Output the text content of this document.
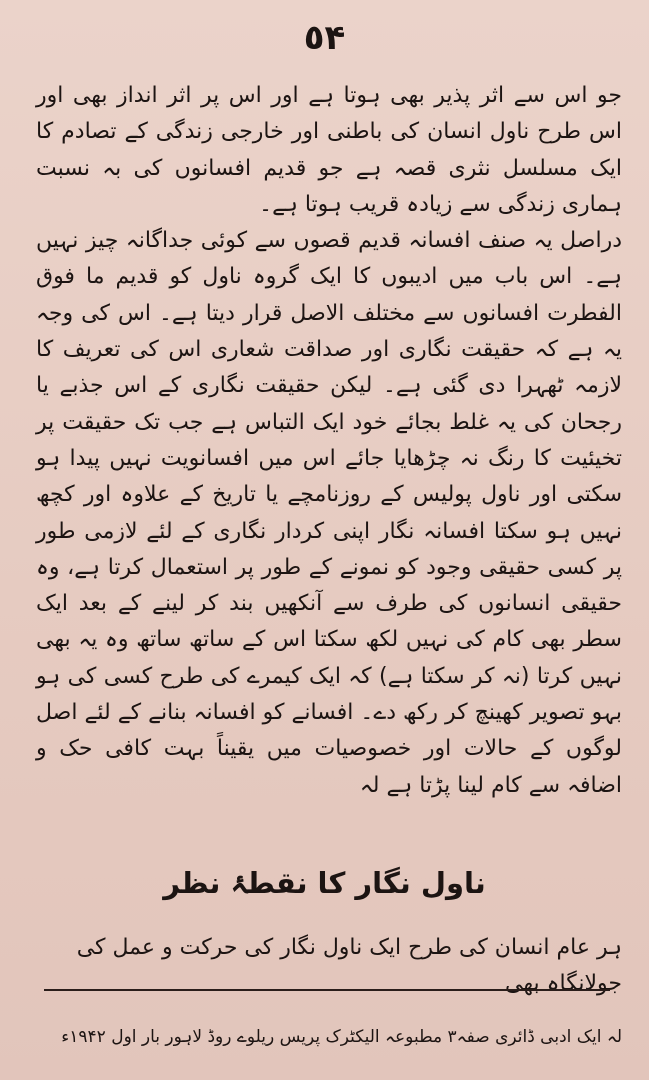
٥۴

جو اس سے اثر پذیر بھی ہوتا ہے اور اس پر اثر انداز بھی اور اس طرح ناول انسان کی باطنی اور خارجی زندگی کے تصادم کا ایک مسلسل نثری قصہ ہے جو قدیم افسانوں کی بہ نسبت ہماری زندگی سے زیادہ قریب ہوتا ہے۔

دراصل یہ صنف افسانہ قدیم قصوں سے کوئی جداگانہ چیز نہیں ہے۔ اس باب میں ادیبوں کا ایک گروہ ناول کو قدیم ما فوق الفطرت افسانوں سے مختلف الاصل قرار دیتا ہے۔ اس کی وجہ یہ ہے کہ حقیقت نگاری اور صداقت شعاری اس کی تعریف کا لازمہ ٹھہرا دی گئی ہے۔ لیکن حقیقت نگاری کے اس جذبے یا رجحان کی یہ غلط بجائے خود ایک التباس ہے جب تک حقیقت پر تخیئیت کا رنگ نہ چڑھایا جائے اس میں افسانویت نہیں پیدا ہو سکتی اور ناول پولیس کے روزنامچے یا تاریخ کے علاوہ اور کچھ نہیں ہو سکتا افسانہ نگار اپنی کردار نگاری کے لئے لازمی طور پر کسی حقیقی وجود کو نمونے کے طور پر استعمال کرتا ہے، وہ حقیقی انسانوں کی طرف سے آنکھیں بند کر لینے کے بعد ایک سطر بھی کام کی نہیں لکھ سکتا اس کے ساتھ ساتھ وہ یہ بھی نہیں کرتا (نہ کر سکتا ہے) کہ ایک کیمرے کی طرح کسی کی ہو بہو تصویر کھینچ کر رکھ دے۔ افسانے کو افسانہ بنانے کے لئے اصل لوگوں کے حالات اور خصوصیات میں یقیناً بہت کافی حک و اضافہ سے کام لینا پڑتا ہے لہ

ناول نگار کا نقطۂ نظر
ہر عام انسان کی طرح ایک ناول نگار کی حرکت و عمل کی جولانگاہ بھی
لہ ایک ادبی ڈائری صفہ۳ مطبوعہ الیکٹرک پریس ریلوے روڈ لاہور بار اول ۱۹۴۲ء
